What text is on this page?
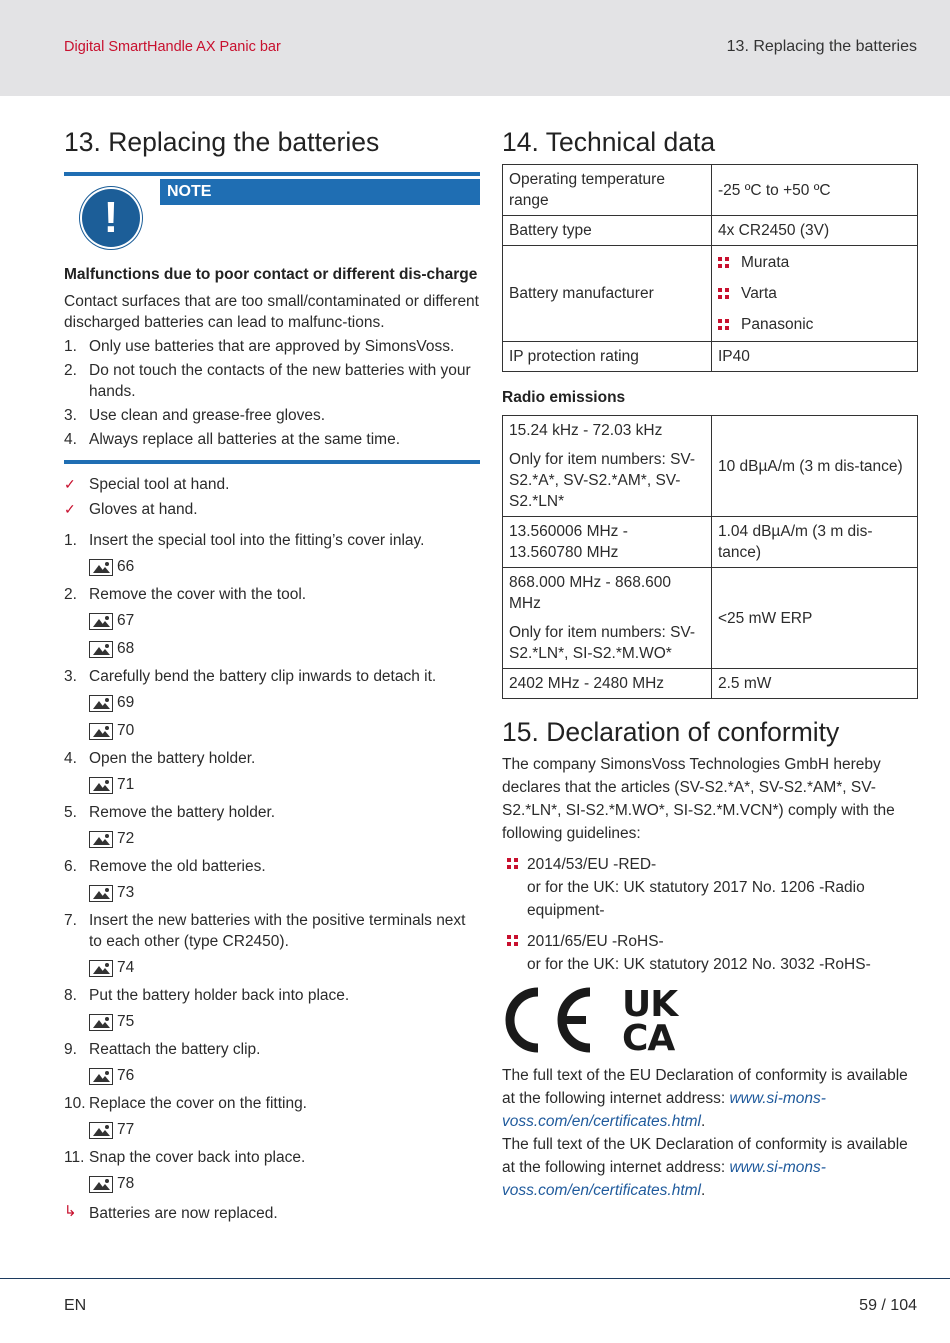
Digital SmartHandle AX Panic bar	13. Replacing the batteries
13. Replacing the batteries
NOTE
!
Malfunctions due to poor contact or different dis-charge

Contact surfaces that are too small/contaminated or different discharged batteries can lead to malfunc-tions.

1. Only use batteries that are approved by SimonsVoss.
2. Do not touch the contacts of the new batteries with your hands.
3. Use clean and grease-free gloves.
4. Always replace all batteries at the same time.
✓ Special tool at hand.
✓ Gloves at hand.
1. Insert the special tool into the fitting’s cover inlay.
66
2. Remove the cover with the tool.
67
68
3. Carefully bend the battery clip inwards to detach it.
69
70
4. Open the battery holder.
71
5. Remove the battery holder.
72
6. Remove the old batteries.
73
7. Insert the new batteries with the positive terminals next to each other (type CR2450).
74
8. Put the battery holder back into place.
75
9. Reattach the battery clip.
76
10. Replace the cover on the fitting.
77
11. Snap the cover back into place.
78
↳ Batteries are now replaced.
14. Technical data
Operating temperature range	-25 ºC to +50 ºC
Battery type	4x CR2450 (3V)
Battery manufacturer	Murata
Varta
Panasonic

IP protection rating	IP40
Radio emissions
15.24 kHz - 72.03 kHz
Only for item numbers: SV-S2.*A*, SV-S2.*AM*, SV-S2.*LN*	10 dBµA/m (3 m dis-tance)

13.560006 MHz - 13.560780 MHz	1.04 dBµA/m (3 m dis-tance)

868.000 MHz - 868.600 MHz
Only for item numbers: SV-S2.*LN*, SI-S2.*M.WO*	<25 mW ERP
2402 MHz - 2480 MHz	2.5 mW
15. Declaration of conformity

The company SimonsVoss Technologies GmbH hereby declares that the articles (SV-S2.*A*, SV-S2.*AM*, SV-S2.*LN*, SI-S2.*M.WO*, SI-S2.*M.VCN*) comply with the following guidelines:

2014/53/EU -RED-
or for the UK: UK statutory 2017 No. 1206 -Radio equipment-
2011/65/EU -RoHS-
or for the UK: UK statutory 2012 No. 3032 -RoHS-
UK
CA
The full text of the EU Declaration of conformity is available at the following internet address: www.si-mons-voss.com/en/certificates.html.
The full text of the UK Declaration of conformity is available at the following internet address: www.si-mons-voss.com/en/certificates.html.
EN	59 / 104
